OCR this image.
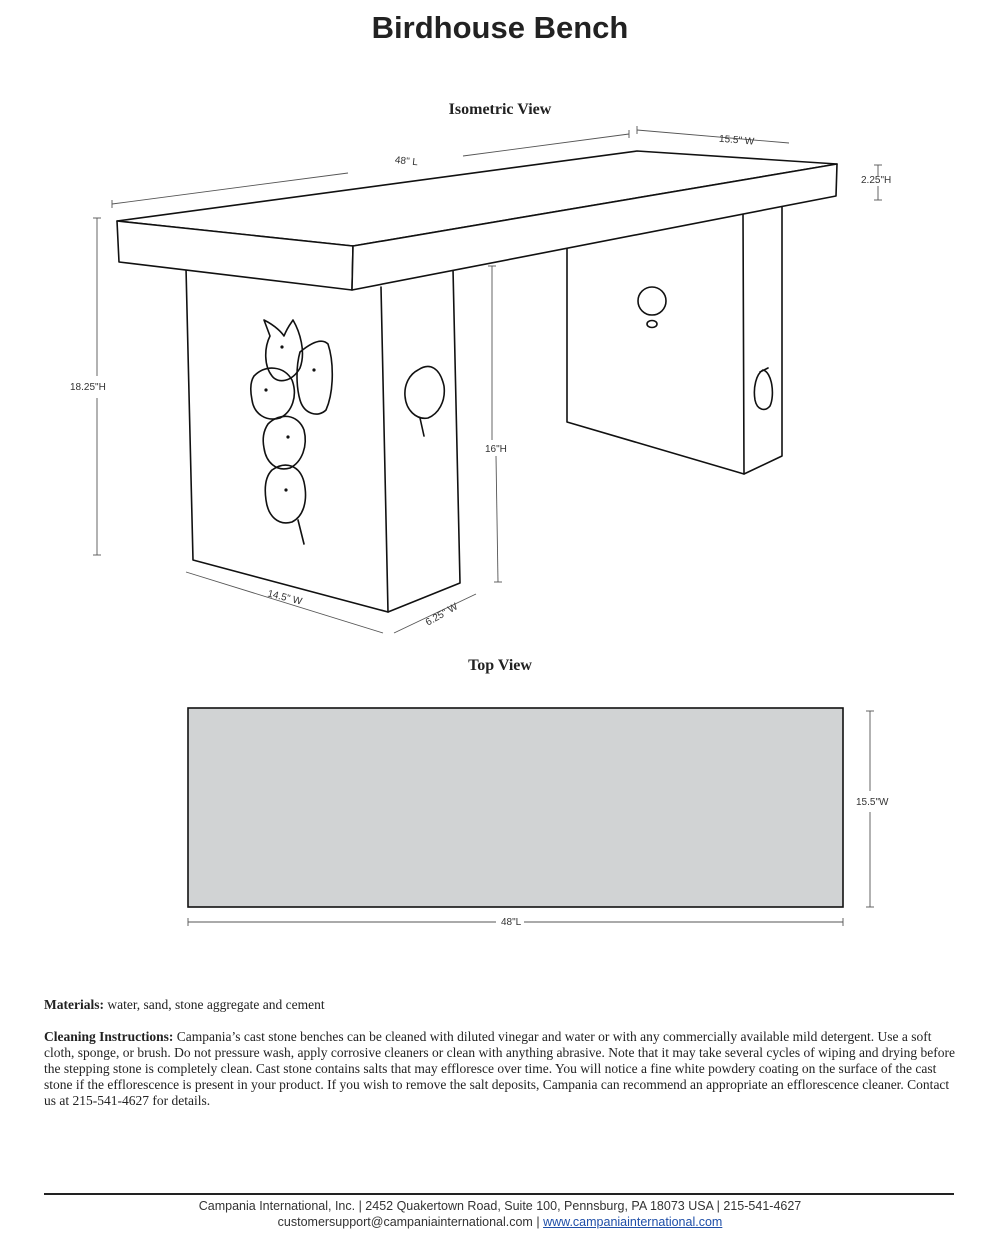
Birdhouse Bench
Isometric View
48" L
15.5" W
2.25"H
18.25"H
16"H
14.5" W
6.25" W
15.5"W
48"L
Top View
Materials: water, sand, stone aggregate and cement
Cleaning Instructions: Campania’s cast stone benches can be cleaned with diluted vinegar and water or with any commercially available mild detergent. Use a soft cloth, sponge, or brush. Do not pressure wash, apply corrosive cleaners or clean with anything abrasive. Note that it may take several cycles of wiping and drying before the stepping stone is completely clean. Cast stone contains salts that may effloresce over time. You will notice a fine white powdery coating on the surface of the cast stone if the efflorescence is present in your product. If you wish to remove the salt deposits, Campania can recommend an appropriate an efflorescence cleaner. Contact us at 215-541-4627 for details.
Campania International, Inc. | 2452 Quakertown Road, Suite 100, Pennsburg, PA 18073 USA | 215-541-4627
customersupport@campaniainternational.com | www.campaniainternational.com
